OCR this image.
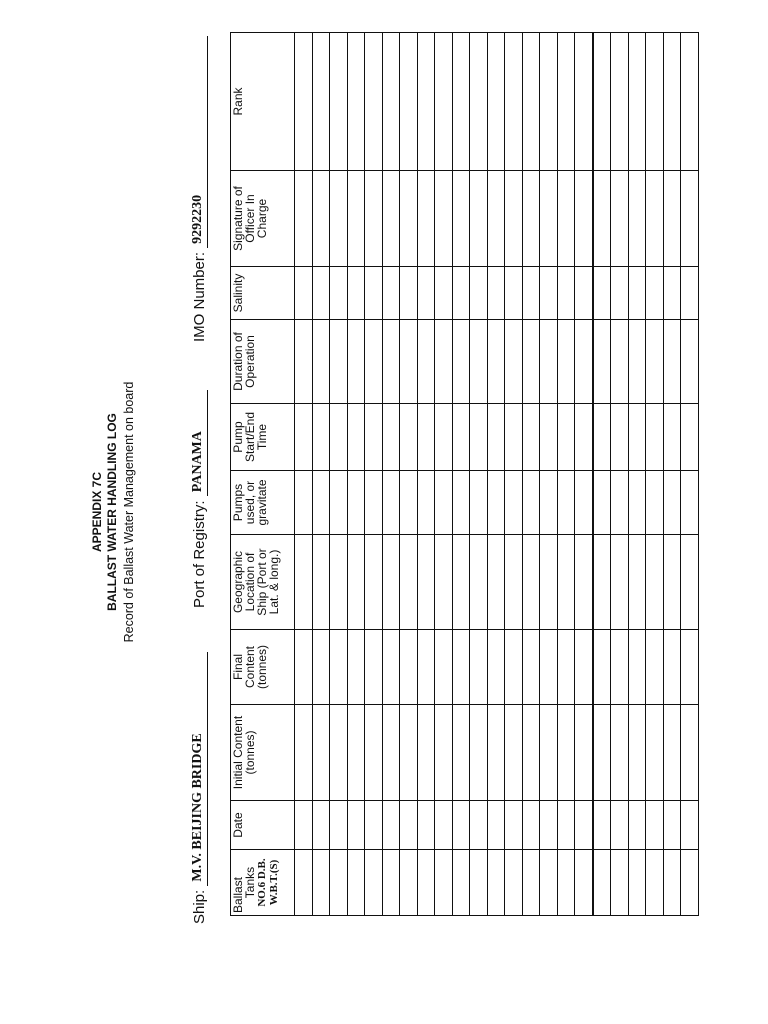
APPENDIX 7C BALLAST WATER HANDLING LOG Record of Ballast Water Management on board
Ship: M.V. BEIJING BRIDGE
Port of Registry: PANAMA
IMO Number: 9292230
Ballast
Tanks NO.6 D.B. W.B.T.(S)	Date	Initial Content
(tonnes)	Final
Content
(tonnes)	Geographic
Location of
Ship (Port or
Lat. & long.)	Pumps
used, or
gravitate	Pump
Start/End
Time	Duration of
Operation	Salinity	Signature of
Officer In
Charge	Rank
